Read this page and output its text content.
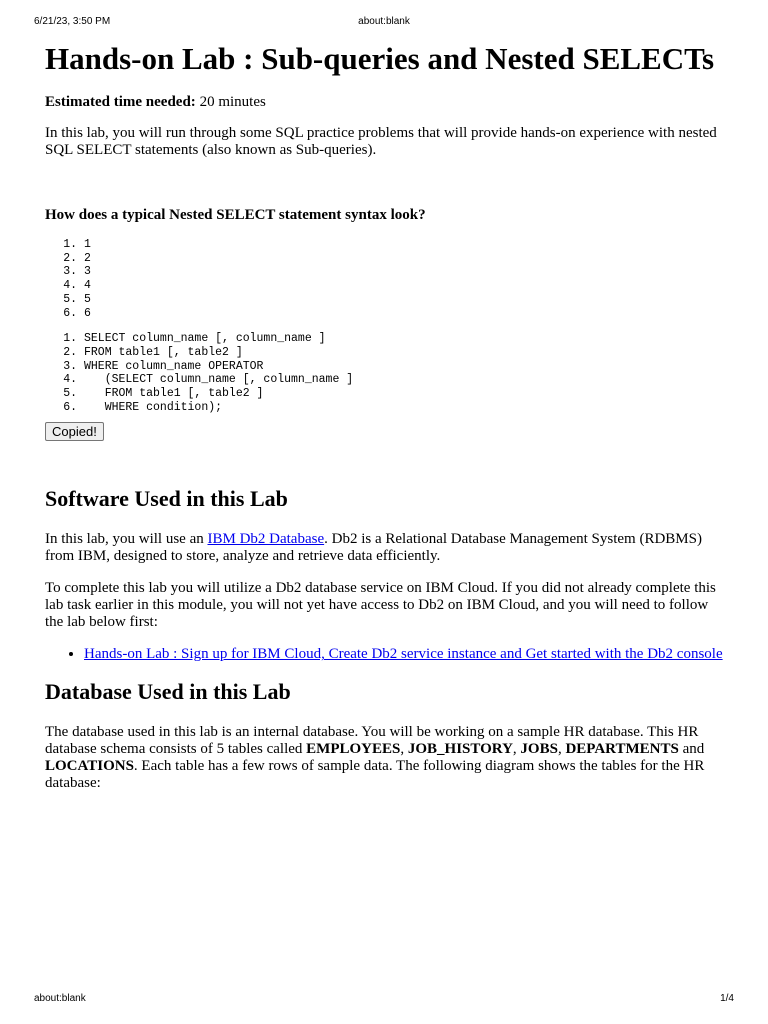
6/21/23, 3:50 PM	about:blank
Hands-on Lab : Sub-queries and Nested SELECTs

Estimated time needed: 20 minutes

In this lab, you will run through some SQL practice problems that will provide hands-on experience with nested SQL SELECT statements (also known as Sub-queries).

How does a typical Nested SELECT statement syntax look?
1. 1
2. 2
3. 3
4. 4
5. 5
6. 6
1. SELECT column_name [, column_name ]
2. FROM table1 [, table2 ]
3. WHERE column_name OPERATOR
4.    (SELECT column_name [, column_name ]
5.    FROM table1 [, table2 ]
6.    WHERE condition);
Copied!
Software Used in this Lab

In this lab, you will use an IBM Db2 Database. Db2 is a Relational Database Management System (RDBMS) from IBM, designed to store, analyze and retrieve data efficiently.

To complete this lab you will utilize a Db2 database service on IBM Cloud. If you did not already complete this lab task earlier in this module, you will not yet have access to Db2 on IBM Cloud, and you will need to follow the lab below first:

• Hands-on Lab : Sign up for IBM Cloud, Create Db2 service instance and Get started with the Db2 console
Database Used in this Lab

The database used in this lab is an internal database. You will be working on a sample HR database. This HR database schema consists of 5 tables called EMPLOYEES, JOB_HISTORY, JOBS, DEPARTMENTS and LOCATIONS. Each table has a few rows of sample data. The following diagram shows the tables for the HR database:

about:blank	1/4
